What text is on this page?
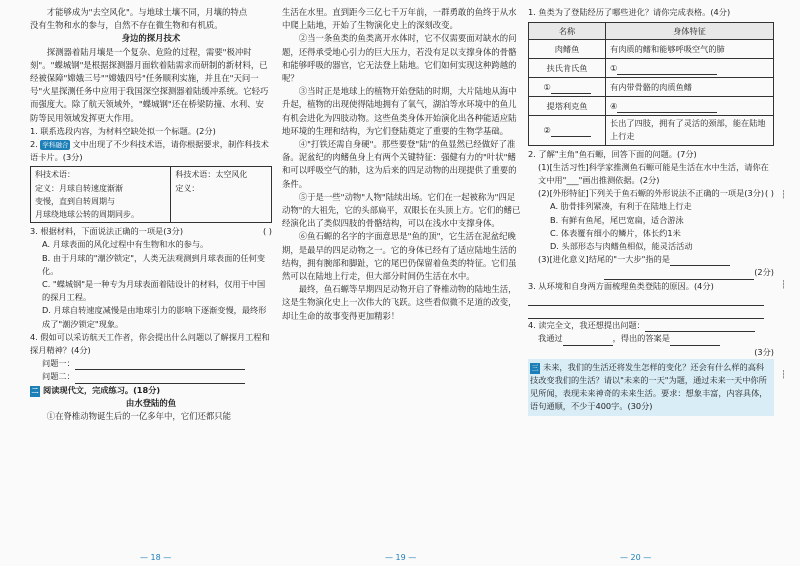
才能够成为"去空风化"。与地球土壤不同，月壤的特点

没有生物和水的参与，自然不存在微生物和有机质。

身边的探月技术

探测器着陆月壤是一个复杂、危险的过程，需要"极冲时刻"。"蝶城钢"是根据探测器月面软着陆需求而研制的新材料，已经被保障"嫦娥三号""嫦娥四号"任务顺利实施，并且在"天问一号"火星探测任务中应用于我国深空探测器着陆缓冲系统。它轻巧而强度大。除了航天领域外，"蝶城钢"还在桥梁防撞、水利、安防等民用领域发挥更大作用。

1. 联系选段内容，为材料空缺处拟一个标题。(2分)

2. 学科融合 文中出现了不少科技术语，请你根据要求，制作科技术语卡片。(3分)

科技术语：
定义：月球自转速度渐渐
变慢，直到自转周期与
月球绕地球公转的周期同步。

科技术语：太空风化
定义：

3. 根据材料，下面说法正确的一项是(3分)	( )

A. 月球表面的风化过程中有生物和水的参与。

B. 由于月球的"潮汐锁定"，人类无法观测到月球表面的任何变化。

C. "蝶城钢"是一种专为月球表面着陆设计的材料，仅用于中国的探月工程。

D. 月球自转速度减慢是由地球引力的影响下逐渐变慢，最终形成了"潮汐锁定"现象。

4. 假如可以采访航天工作者，你会提出什么问题以了解探月工程和探月精神？(4分)

问题一：

问题二：

二 阅读现代文，完成练习。(18分)

由水登陆的鱼

①在脊椎动物诞生后的一亿多年中，它们还都只能

— 18 —

生活在水里。直到距今三亿七千万年前，一群勇敢的鱼终于从水中爬上陆地，开始了生物演化史上的深刻改变。

②当一条鱼类的鱼类离开水体时，它不仅需要面对缺水的问题，还得承受地心引力的巨大压力，若没有足以支撑身体的骨骼和能够呼吸的器官，它无法登上陆地。它们如何实现这种跨越的呢？

③当时正是地球上的植物开始登陆的时期，大片陆地从海中升起，植物的出现使得陆地拥有了氧气，湖泊等水环境中的鱼儿有机会进化为四肢动物。这些鱼类身体开始演化出各种能适应陆地环境的生理和结构，为它们登陆奠定了重要的生物学基础。

④"打铁还需自身硬"。那些要登"陆"的鱼显然已经做好了准备。泥盆纪的肉鳍鱼身上有两个关键特征：强健有力的"叶状"鳍和可以呼吸空气的肺，这为后来的四足动物的出现提供了重要的条件。

⑤于是一些"动物"人物"陆续出场。它们在一起被称为"四足动物"的大祖先，它的头部扁平，双眼长在头顶上方。它们的鳍已经演化出了类似四肢的骨骼结构，可以在浅水中支撑身体。

⑥鱼石螈的名字的字面意思是"鱼的顶"，它生活在泥盆纪晚期，是最早的四足动物之一。它的身体已经有了适应陆地生活的结构，拥有腕部和脚趾，它的尾巴仍保留着鱼类的特征。它们虽然可以在陆地上行走，但大部分时间仍生活在水中。

最终，鱼石螈等早期四足动物开启了脊椎动物的陆地生活，这是生物演化史上一次伟大的飞跃。这些看似微不足道的改变，却让生命的故事变得更加精彩！

— 19 —

1. 鱼类为了登陆经历了哪些进化？请你完成表格。(4分)

名称	身体特征
肉鳍鱼	有肉质的鳍和能够呼吸空气的肺
扶氏肯氏鱼	①
①	有内带骨骼的肉质鱼鳍
提塔利克鱼	④
②	长出了四肢，拥有了灵活的颈部，能在陆地上行走

2. 了解"主角"鱼石螈，回答下面的问题。(7分)

(1)[生活习性]科学家推测鱼石螈可能是生活在水中生活，请你在文中用"___"画出推测依据。(2分)

(2)[外形特征]下列关于鱼石螈的外形说法不正确的一项是(3分) ( )

A. 肋骨排列紧凑，有利于在陆地上行走

B. 有鲜有鱼尾，尾巴宽扁，适合游泳

C. 体表覆有细小的鳞片，体长约1米

D. 头部形态与肉鳍鱼相似，能灵活活动

(3)[进化意义]结尾的"一大步"指的是

(2分)

3. 从环境和自身两方面梳理鱼类登陆的原因。(4分)

4. 读完全文，我还想提出问题：

我通过	，得出的答案是

(3分)

三 未来，我们的生活还将发生怎样的变化？还会有什么样的高科技改变我们的生活？请以"未来的一天"为题，通过未来一天中你所见所闻，表现未来神奇的未来生活。要求：想象丰富，内容具体，语句通顺，不少于400字。(30分)

— 20 —
┆
┆
┆
